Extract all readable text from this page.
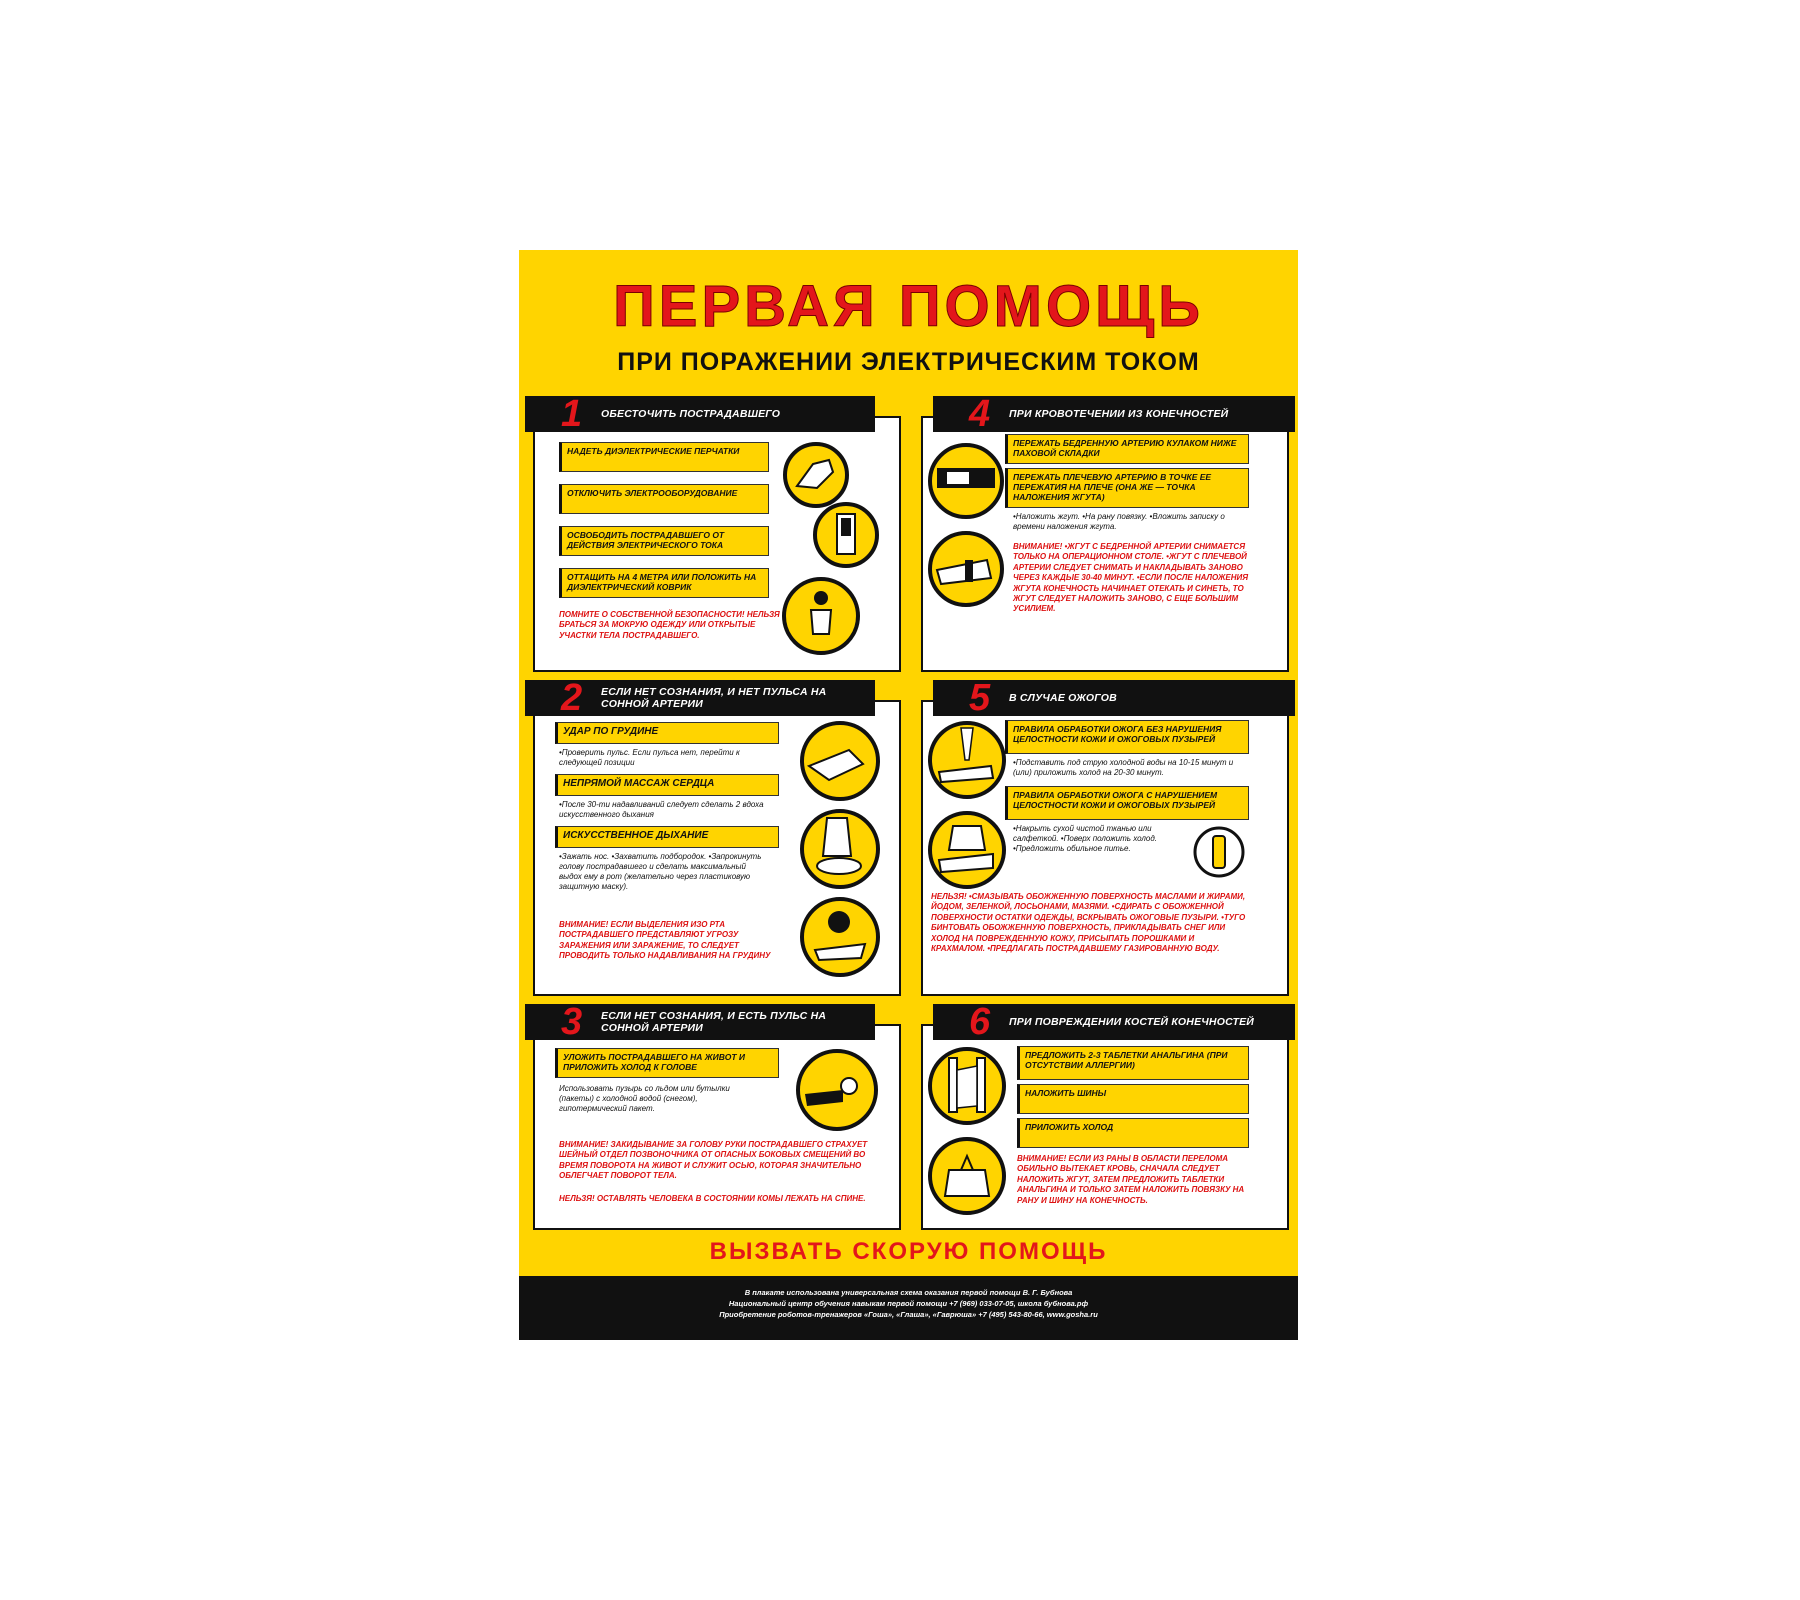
ПЕРВАЯ ПОМОЩЬ
ПРИ ПОРАЖЕНИИ ЭЛЕКТРИЧЕСКИМ ТОКОМ
1 ОБЕСТОЧИТЬ ПОСТРАДАВШЕГО
НАДЕТЬ ДИЭЛЕКТРИЧЕСКИЕ ПЕРЧАТКИ
ОТКЛЮЧИТЬ ЭЛЕКТРООБОРУДОВАНИЕ
ОСВОБОДИТЬ ПОСТРАДАВШЕГО ОТ ДЕЙСТВИЯ ЭЛЕКТРИЧЕСКОГО ТОКА
ОТТАЩИТЬ НА 4 МЕТРА ИЛИ ПОЛОЖИТЬ НА ДИЭЛЕКТРИЧЕСКИЙ КОВРИК
ПОМНИТЕ О СОБСТВЕННОЙ БЕЗОПАСНОСТИ! НЕЛЬЗЯ БРАТЬСЯ ЗА МОКРУЮ ОДЕЖДУ ИЛИ ОТКРЫТЫЕ УЧАСТКИ ТЕЛА ПОСТРАДАВШЕГО.
4 ПРИ КРОВОТЕЧЕНИИ ИЗ КОНЕЧНОСТЕЙ
ПЕРЕЖАТЬ БЕДРЕННУЮ АРТЕРИЮ КУЛАКОМ НИЖЕ ПАХОВОЙ СКЛАДКИ
ПЕРЕЖАТЬ ПЛЕЧЕВУЮ АРТЕРИЮ В ТОЧКЕ ЕЕ ПЕРЕЖАТИЯ НА ПЛЕЧЕ (ОНА ЖЕ — ТОЧКА НАЛОЖЕНИЯ ЖГУТА)
•Наложить жгут. •На рану повязку. •Вложить записку о времени наложения жгута.
ВНИМАНИЕ! •ЖГУТ С БЕДРЕННОЙ АРТЕРИИ СНИМАЕТСЯ ТОЛЬКО НА ОПЕРАЦИОННОМ СТОЛЕ. •ЖГУТ С ПЛЕЧЕВОЙ АРТЕРИИ СЛЕДУЕТ СНИМАТЬ И НАКЛАДЫВАТЬ ЗАНОВО ЧЕРЕЗ КАЖДЫЕ 30-40 МИНУТ. •ЕСЛИ ПОСЛЕ НАЛОЖЕНИЯ ЖГУТА КОНЕЧНОСТЬ НАЧИНАЕТ ОТЕКАТЬ И СИНЕТЬ, ТО ЖГУТ СЛЕДУЕТ НАЛОЖИТЬ ЗАНОВО, С ЕЩЕ БОЛЬШИМ УСИЛИЕМ.
2 ЕСЛИ НЕТ СОЗНАНИЯ, И НЕТ ПУЛЬСА НА СОННОЙ АРТЕРИИ
УДАР ПО ГРУДИНЕ
•Проверить пульс. Если пульса нет, перейти к следующей позиции
НЕПРЯМОЙ МАССАЖ СЕРДЦА
•После 30-ти надавливаний следует сделать 2 вдоха искусственного дыхания
ИСКУССТВЕННОЕ ДЫХАНИЕ
•Зажать нос. •Захватить подбородок. •Запрокинуть голову пострадавшего и сделать максимальный выдох ему в рот (желательно через пластиковую защитную маску).
ВНИМАНИЕ! ЕСЛИ ВЫДЕЛЕНИЯ ИЗО РТА ПОСТРАДАВШЕГО ПРЕДСТАВЛЯЮТ УГРОЗУ ЗАРАЖЕНИЯ ИЛИ ЗАРАЖЕНИЕ, ТО СЛЕДУЕТ ПРОВОДИТЬ ТОЛЬКО НАДАВЛИВАНИЯ НА ГРУДИНУ
5 В СЛУЧАЕ ОЖОГОВ
ПРАВИЛА ОБРАБОТКИ ОЖОГА БЕЗ НАРУШЕНИЯ ЦЕЛОСТНОСТИ КОЖИ И ОЖОГОВЫХ ПУЗЫРЕЙ
•Подставить под струю холодной воды на 10-15 минут и (или) приложить холод на 20-30 минут.
ПРАВИЛА ОБРАБОТКИ ОЖОГА С НАРУШЕНИЕМ ЦЕЛОСТНОСТИ КОЖИ И ОЖОГОВЫХ ПУЗЫРЕЙ
•Накрыть сухой чистой тканью или салфеткой. •Поверх положить холод. •Предложить обильное питье.
НЕЛЬЗЯ! •СМАЗЫВАТЬ ОБОЖЖЕННУЮ ПОВЕРХНОСТЬ МАСЛАМИ И ЖИРАМИ, ЙОДОМ, ЗЕЛЕНКОЙ, ЛОСЬОНАМИ, МАЗЯМИ. •СДИРАТЬ С ОБОЖЖЕННОЙ ПОВЕРХНОСТИ ОСТАТКИ ОДЕЖДЫ, ВСКРЫВАТЬ ОЖОГОВЫЕ ПУЗЫРИ. •ТУГО БИНТОВАТЬ ОБОЖЖЕННУЮ ПОВЕРХНОСТЬ, ПРИКЛАДЫВАТЬ СНЕГ ИЛИ ХОЛОД НА ПОВРЕЖДЕННУЮ КОЖУ, ПРИСЫПАТЬ ПОРОШКАМИ И КРАХМАЛОМ. •ПРЕДЛАГАТЬ ПОСТРАДАВШЕМУ ГАЗИРОВАННУЮ ВОДУ.
3 ЕСЛИ НЕТ СОЗНАНИЯ, И ЕСТЬ ПУЛЬС НА СОННОЙ АРТЕРИИ
УЛОЖИТЬ ПОСТРАДАВШЕГО НА ЖИВОТ И ПРИЛОЖИТЬ ХОЛОД К ГОЛОВЕ
Использовать пузырь со льдом или бутылки (пакеты) с холодной водой (снегом), гипотермический пакет.
ВНИМАНИЕ! ЗАКИДЫВАНИЕ ЗА ГОЛОВУ РУКИ ПОСТРАДАВШЕГО СТРАХУЕТ ШЕЙНЫЙ ОТДЕЛ ПОЗВОНОЧНИКА ОТ ОПАСНЫХ БОКОВЫХ СМЕЩЕНИЙ ВО ВРЕМЯ ПОВОРОТА НА ЖИВОТ И СЛУЖИТ ОСЬЮ, КОТОРАЯ ЗНАЧИТЕЛЬНО ОБЛЕГЧАЕТ ПОВОРОТ ТЕЛА.
НЕЛЬЗЯ! ОСТАВЛЯТЬ ЧЕЛОВЕКА В СОСТОЯНИИ КОМЫ ЛЕЖАТЬ НА СПИНЕ.
6 ПРИ ПОВРЕЖДЕНИИ КОСТЕЙ КОНЕЧНОСТЕЙ
ПРЕДЛОЖИТЬ 2-3 ТАБЛЕТКИ АНАЛЬГИНА (ПРИ ОТСУТСТВИИ АЛЛЕРГИИ)
НАЛОЖИТЬ ШИНЫ
ПРИЛОЖИТЬ ХОЛОД
ВНИМАНИЕ! ЕСЛИ ИЗ РАНЫ В ОБЛАСТИ ПЕРЕЛОМА ОБИЛЬНО ВЫТЕКАЕТ КРОВЬ, СНАЧАЛА СЛЕДУЕТ НАЛОЖИТЬ ЖГУТ, ЗАТЕМ ПРЕДЛОЖИТЬ ТАБЛЕТКИ АНАЛЬГИНА И ТОЛЬКО ЗАТЕМ НАЛОЖИТЬ ПОВЯЗКУ НА РАНУ И ШИНУ НА КОНЕЧНОСТЬ.
ВЫЗВАТЬ СКОРУЮ ПОМОЩЬ
В плакате использована универсальная схема оказания первой помощи В. Г. Бубнова
Национальный центр обучения навыкам первой помощи +7 (969) 033-07-05, школа бубнова.рф
Приобретение роботов-тренажеров «Гоша», «Глаша», «Гаврюша» +7 (495) 543-80-66, www.gosha.ru
